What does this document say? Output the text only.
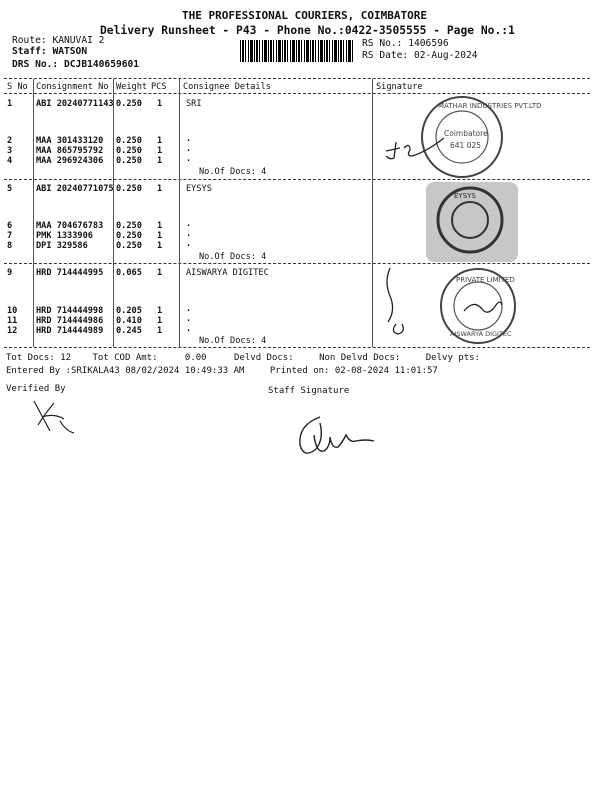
THE PROFESSIONAL COURIERS, COIMBATORE
Delivery Runsheet - P43 - Phone No.:0422-3505555 - Page No.:1
Route: KANUVAI 2
Staff: WATSON
DRS No.: DCJB140659601
RS No.: 1406596
RS Date: 02-Aug-2024
S No Consignment No Weight PCS Consignee Details	Signature
1	ABI 20240771143 0.250 1	SRI
2	MAA 301433120 0.250 1	.
3	MAA 865795792 0.250 1	.
4	MAA 296924306 0.250 1	.
No.Of Docs: 4
5	ABI 20240771075 0.250 1	EYSYS
6	MAA 704676783 0.250 1	.
7	PMK 1333906	0.250 1	.
8	DPI 329586	0.250 1	.
No.Of Docs: 4
9	HRD 714444995 0.065 1	AISWARYA DIGITEC
10 HRD 714444998 0.205 1	.
11 HRD 714444986 0.410 1	.
12 HRD 714444989 0.245 1	.
No.Of Docs: 4
MATHAR INDUSTRIES PVT.LTD
Coimbatore
641 025
EYSYS
PRIVATE LIMITED
AISWARYA DIGITEC
Tot Docs: 12 Tot COD Amt:	0.00	Delvd Docs:	Non Delvd Docs:	Delvy pts:
Entered By :SRIKALA43 08/02/2024 10:49:33 AM	Printed on: 02-08-2024 11:01:57
Verified By	Staff Signature
